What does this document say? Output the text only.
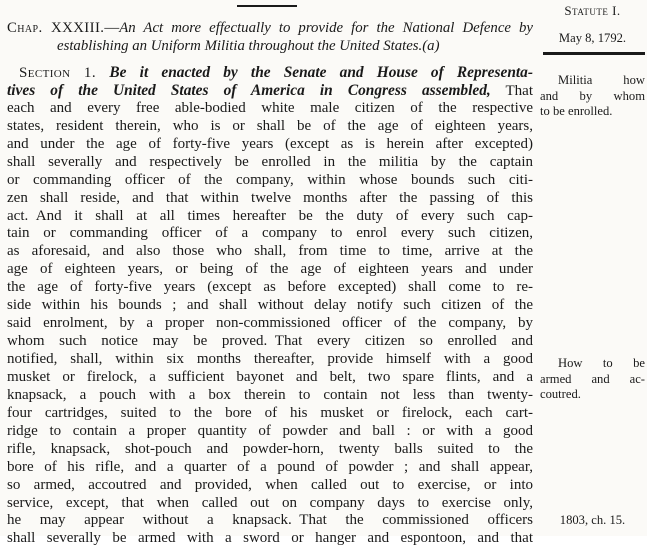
Chap. XXXIII.—An Act more effectually to provide for the National Defence by
establishing an Uniform Militia throughout the United States.(a)
Section 1. Be it enacted by the Senate and House of Representa-
tives of the United States of America in Congress assembled, That
each and every free able-bodied white male citizen of the respective
states, resident therein, who is or shall be of the age of eighteen years,
and under the age of forty-five years (except as is herein after excepted)
shall severally and respectively be enrolled in the militia by the captain
or commanding officer of the company, within whose bounds such citi-
zen shall reside, and that within twelve months after the passing of this
act. And it shall at all times hereafter be the duty of every such cap-
tain or commanding officer of a company to enrol every such citizen,
as aforesaid, and also those who shall, from time to time, arrive at the
age of eighteen years, or being of the age of eighteen years and under
the age of forty-five years (except as before excepted) shall come to re-
side within his bounds ; and shall without delay notify such citizen of the
said enrolment, by a proper non-commissioned officer of the company, by
whom such notice may be proved. That every citizen so enrolled and
notified, shall, within six months thereafter, provide himself with a good
musket or firelock, a sufficient bayonet and belt, two spare flints, and a
knapsack, a pouch with a box therein to contain not less than twenty-
four cartridges, suited to the bore of his musket or firelock, each cart-
ridge to contain a proper quantity of powder and ball : or with a good
rifle, knapsack, shot-pouch and powder-horn, twenty balls suited to the
bore of his rifle, and a quarter of a pound of powder ; and shall appear,
so armed, accoutred and provided, when called out to exercise, or into
service, except, that when called out on company days to exercise only,
he may appear without a knapsack. That the commissioned officers
shall severally be armed with a sword or hanger and espontoon, and that
Statute I.
May 8, 1792.
Militia how
and by whom
to be enrolled.
How to be
armed and ac-
coutred.
1803, ch. 15.
